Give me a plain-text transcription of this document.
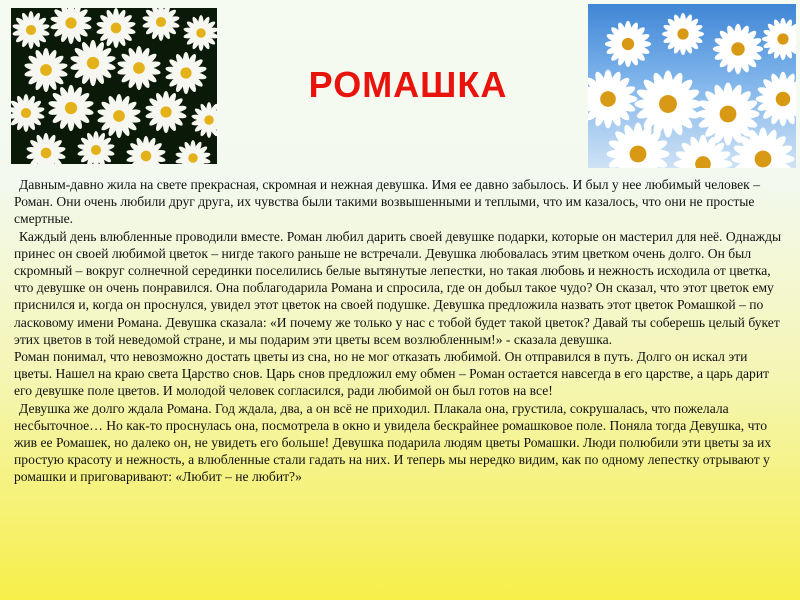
РОМАШКА

Давным-давно жила на свете прекрасная, скромная и нежная девушка. Имя ее давно забылось. И был у нее любимый человек – Роман. Они очень любили друг друга, их чувства были такими возвышенными и теплыми, что им казалось, что они не простые смертные.

Каждый день влюбленные проводили вместе. Роман любил дарить своей девушке подарки, которые он мастерил для неё. Однажды принес он своей любимой цветок – нигде такого раньше не встречали. Девушка любовалась этим цветком очень долго. Он был скромный – вокруг солнечной серединки поселились белые вытянутые лепестки, но такая любовь и нежность исходила от цветка, что девушке он очень понравился. Она поблагодарила Романа и спросила, где он добыл такое чудо? Он сказал, что этот цветок ему приснился и, когда он проснулся, увидел этот цветок на своей подушке. Девушка предложила назвать этот цветок Ромашкой – по ласковому имени Романа. Девушка сказала: «И почему же только у нас с тобой будет такой цветок? Давай ты соберешь целый букет этих цветов в той неведомой стране, и мы подарим эти цветы всем возлюбленным!» - сказала девушка.

Роман понимал, что невозможно достать цветы из сна, но не мог отказать любимой. Он отправился в путь. Долго он искал эти цветы. Нашел на краю света Царство снов. Царь снов предложил ему обмен – Роман остается навсегда в его царстве, а царь дарит его девушке поле цветов. И молодой человек согласился, ради любимой он был готов на все!

Девушка же долго ждала Романа. Год ждала, два, а он всё не приходил. Плакала она, грустила, сокрушалась, что пожелала несбыточное… Но как-то проснулась она, посмотрела в окно и увидела бескрайнее ромашковое поле. Поняла тогда Девушка, что жив ее Ромашек, но далеко он, не увидеть его больше! Девушка подарила людям цветы Ромашки. Люди полюбили эти цветы за их простую красоту и нежность, а влюбленные стали гадать на них. И теперь мы нередко видим, как по одному лепестку отрывают у ромашки и приговаривают: «Любит – не любит?»
